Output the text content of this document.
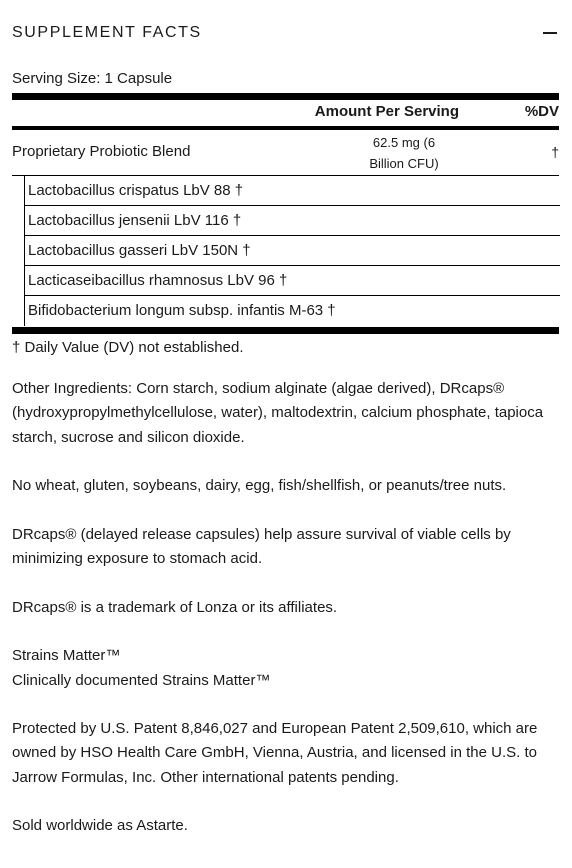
SUPPLEMENT FACTS
Serving Size: 1 Capsule
Amount Per Serving	%DV
Proprietary Probiotic Blend
62.5 mg (6
Billion CFU)
†
Lactobacillus crispatus LbV 88 †
Lactobacillus jensenii LbV 116 †
Lactobacillus gasseri LbV 150N †
Lacticaseibacillus rhamnosus LbV 96 †
Bifidobacterium longum subsp. infantis M-63 †
† Daily Value (DV) not established.

Other Ingredients: Corn starch, sodium alginate (algae derived), DRcaps® (hydroxypropylmethylcellulose, water), maltodextrin, calcium phosphate, tapioca starch, sucrose and silicon dioxide.

No wheat, gluten, soybeans, dairy, egg, fish/shellfish, or peanuts/tree nuts.

DRcaps® (delayed release capsules) help assure survival of viable cells by minimizing exposure to stomach acid.

DRcaps® is a trademark of Lonza or its affiliates.

Strains Matter™

Clinically documented Strains Matter™

Protected by U.S. Patent 8,846,027 and European Patent 2,509,610, which are owned by HSO Health Care GmbH, Vienna, Austria, and licensed in the U.S. to Jarrow Formulas, Inc. Other international patents pending.

Sold worldwide as Astarte.
